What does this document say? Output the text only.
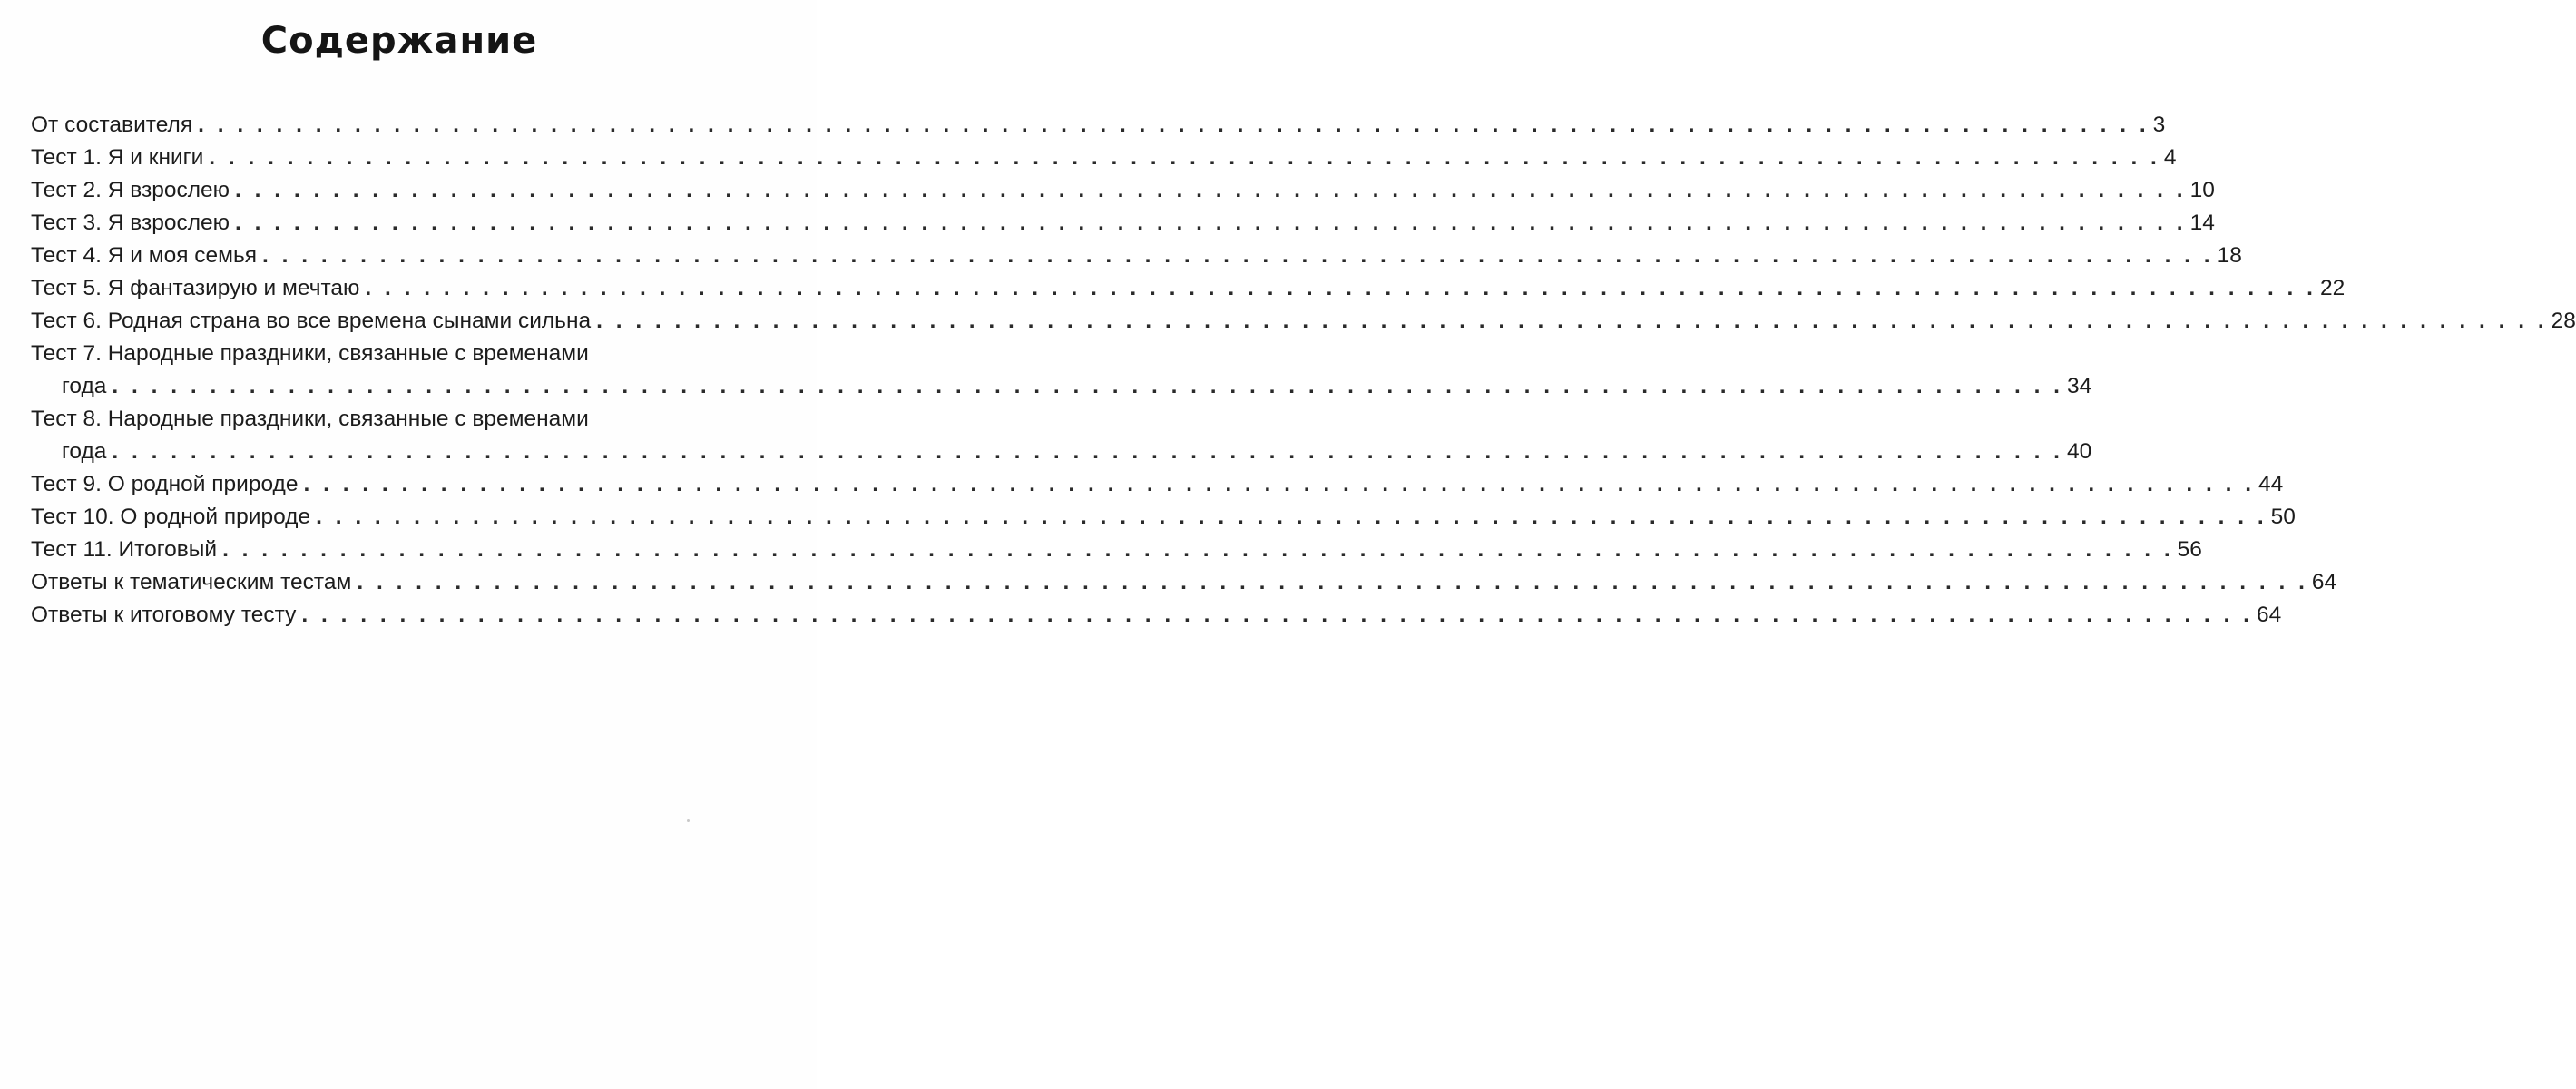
Содержание
От составителя . . . . . . . . . . . . . . . . . . . . . . . . . . . . . . . . . . . . . . . . . . . . . . . . . . . . . . . . . . . . . . . . . . . . . . . . . . . . . . . . . . . . . . . . . . . . . . . . . . . . 3
Тест 1. Я и книги . . . . . . . . . . . . . . . . . . . . . . . . . . . . . . . . . . . . . . . . . . . . . . . . . . . . . . . . . . . . . . . . . . . . . . . . . . . . . . . . . . . . . . . . . . . . . . . . . . . . 4
Тест 2. Я взрослею . . . . . . . . . . . . . . . . . . . . . . . . . . . . . . . . . . . . . . . . . . . . . . . . . . . . . . . . . . . . . . . . . . . . . . . . . . . . . . . . . . . . . . . . . . . . . . . . . . . . 10
Тест 3. Я взрослею . . . . . . . . . . . . . . . . . . . . . . . . . . . . . . . . . . . . . . . . . . . . . . . . . . . . . . . . . . . . . . . . . . . . . . . . . . . . . . . . . . . . . . . . . . . . . . . . . . . . 14
Тест 4. Я и моя семья . . . . . . . . . . . . . . . . . . . . . . . . . . . . . . . . . . . . . . . . . . . . . . . . . . . . . . . . . . . . . . . . . . . . . . . . . . . . . . . . . . . . . . . . . . . . . . . . . . . . 18
Тест 5. Я фантазирую и мечтаю . . . . . . . . . . . . . . . . . . . . . . . . . . . . . . . . . . . . . . . . . . . . . . . . . . . . . . . . . . . . . . . . . . . . . . . . . . . . . . . . . . . . . . . . . . . . . . . . . . . . 22
Тест 6. Родная страна во все времена сынами сильна . . . . . . . . . . . . . . . . . . . . . . . . . . . . . . . . . . . . . . . . . . . . . . . . . . . . . . . . . . . . . . . . . . . . . . . . . . . . . . . . . . . . . . . . . . . . . . . . . . . . 28
Тест 7. Народные праздники, связанные с временами
года . . . . . . . . . . . . . . . . . . . . . . . . . . . . . . . . . . . . . . . . . . . . . . . . . . . . . . . . . . . . . . . . . . . . . . . . . . . . . . . . . . . . . . . . . . . . . . . . . . . . 34
Тест 8. Народные праздники, связанные с временами
года . . . . . . . . . . . . . . . . . . . . . . . . . . . . . . . . . . . . . . . . . . . . . . . . . . . . . . . . . . . . . . . . . . . . . . . . . . . . . . . . . . . . . . . . . . . . . . . . . . . . 40
Тест 9. О родной природе . . . . . . . . . . . . . . . . . . . . . . . . . . . . . . . . . . . . . . . . . . . . . . . . . . . . . . . . . . . . . . . . . . . . . . . . . . . . . . . . . . . . . . . . . . . . . . . . . . . . 44
Тест 10. О родной природе . . . . . . . . . . . . . . . . . . . . . . . . . . . . . . . . . . . . . . . . . . . . . . . . . . . . . . . . . . . . . . . . . . . . . . . . . . . . . . . . . . . . . . . . . . . . . . . . . . . . 50
Тест 11. Итоговый . . . . . . . . . . . . . . . . . . . . . . . . . . . . . . . . . . . . . . . . . . . . . . . . . . . . . . . . . . . . . . . . . . . . . . . . . . . . . . . . . . . . . . . . . . . . . . . . . . . . 56
Ответы к тематическим тестам . . . . . . . . . . . . . . . . . . . . . . . . . . . . . . . . . . . . . . . . . . . . . . . . . . . . . . . . . . . . . . . . . . . . . . . . . . . . . . . . . . . . . . . . . . . . . . . . . . . . 64
Ответы к итоговому тесту . . . . . . . . . . . . . . . . . . . . . . . . . . . . . . . . . . . . . . . . . . . . . . . . . . . . . . . . . . . . . . . . . . . . . . . . . . . . . . . . . . . . . . . . . . . . . . . . . . . . 64
